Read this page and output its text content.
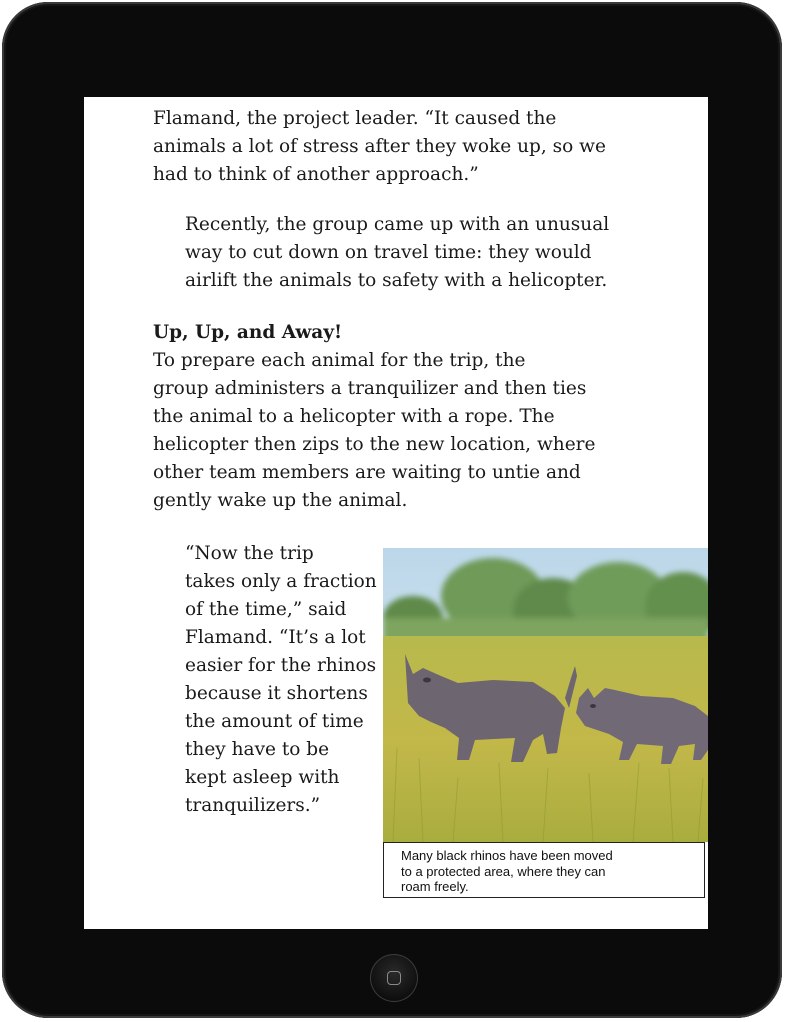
Flamand, the project leader. “It caused the
animals a lot of stress after they woke up, so we
had to think of another approach.”

Recently, the group came up with an unusual
way to cut down on travel time: they would
airlift the animals to safety with a helicopter.

Up, Up, and Away!

To prepare each animal for the trip, the
group administers a tranquilizer and then ties
the animal to a helicopter with a rope. The
helicopter then zips to the new location, where
other team members are waiting to untie and
gently wake up the animal.

“Now the trip
takes only a fraction
of the time,” said
Flamand. “It’s a lot
easier for the rhinos
because it shortens
the amount of time
they have to be
kept asleep with
tranquilizers.”

Many black rhinos have been moved
to a protected area, where they can
roam freely.
